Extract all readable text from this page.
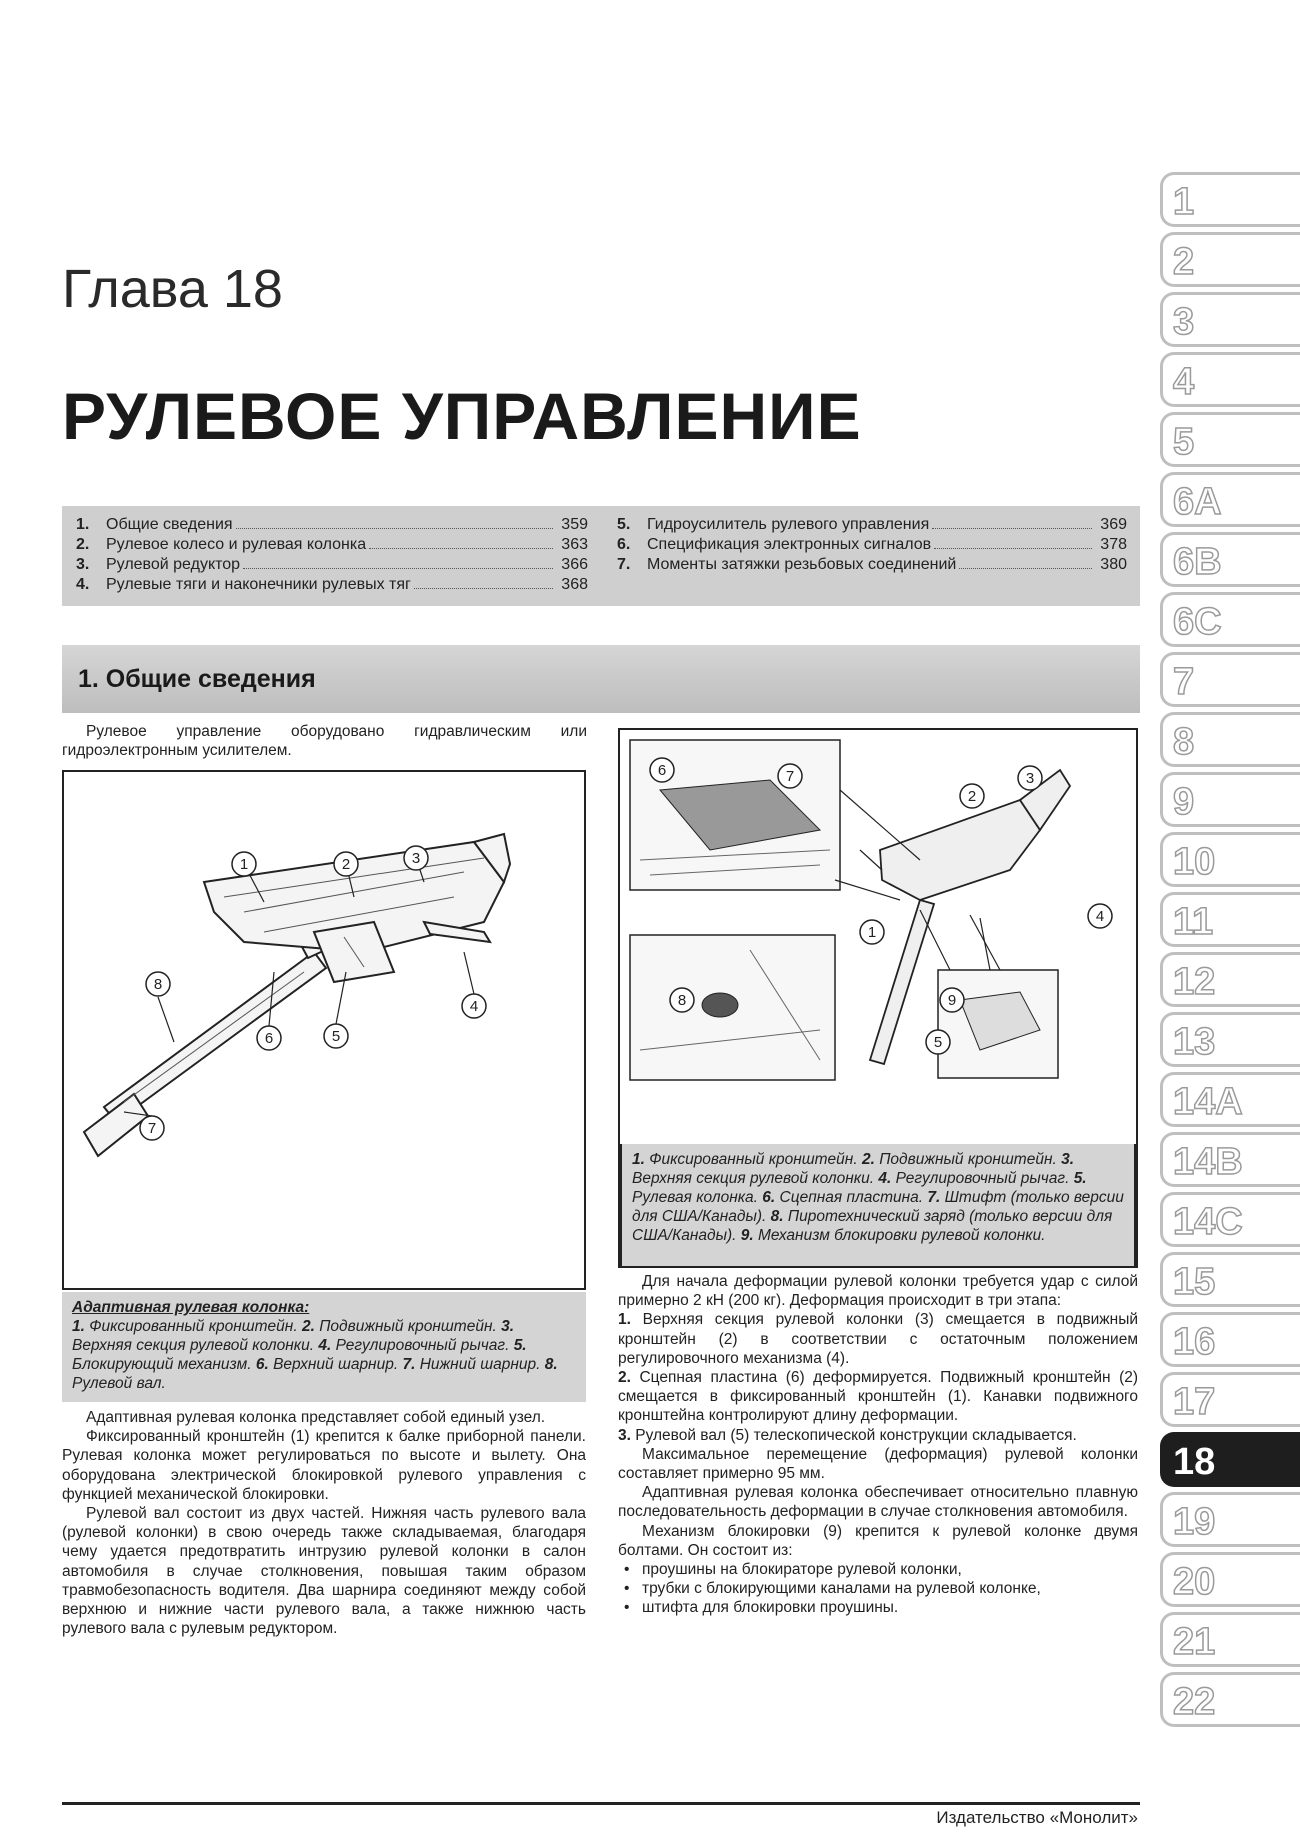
Глава 18
РУЛЕВОЕ УПРАВЛЕНИЕ
1.	Общие сведения	359
2.	Рулевое колесо и рулевая колонка	363
3.	Рулевой редуктор	366
4.	Рулевые тяги и наконечники рулевых тяг	368
5.	Гидроусилитель рулевого управления	369
6.	Спецификация электронных сигналов	378
7.	Моменты затяжки резьбовых соединений	380
1. Общие сведения
Рулевое управление оборудовано гидравлическим или гидроэлектронным усилителем.
1	2	3
4
5
6
7
8
Адаптивная рулевая колонка:
1. Фиксированный кронштейн. 2. Подвижный кронштейн. 3. Верхняя секция рулевой колонки. 4. Регулировочный рычаг. 5. Блокирующий механизм. 6. Верхний шарнир. 7. Нижний шарнир. 8. Рулевой вал.
1
2
3
4
5
6	7
8	9
1. Фиксированный кронштейн. 2. Подвижный кронштейн. 3. Верхняя секция рулевой колонки. 4. Регулировочный рычаг. 5. Рулевая колонка. 6. Сцепная пластина. 7. Штифт (только версии для США/Канады). 8. Пиротехнический заряд (только версии для США/Канады). 9. Механизм блокировки рулевой колонки.

Адаптивная рулевая колонка представляет собой единый узел.

Фиксированный кронштейн (1) крепится к балке приборной панели. Рулевая колонка может регулироваться по высоте и вылету. Она оборудована электрической блокировкой рулевого управления с функцией механической блокировки.

Рулевой вал состоит из двух частей. Нижняя часть рулевого вала (рулевой колонки) в свою очередь также складываемая, благодаря чему удается предотвратить интрузию рулевой колонки в салон автомобиля в случае столкновения, повышая таким образом травмобезопасность водителя. Два шарнира соединяют между собой верхнюю и нижние части рулевого вала, а также нижнюю часть рулевого вала с рулевым редуктором.

Для начала деформации рулевой колонки требуется удар с силой примерно 2 кН (200 кг). Деформация происходит в три этапа:

1. Верхняя секция рулевой колонки (3) смещается в подвижный кронштейн (2) в соответствии с остаточным положением регулировочного механизма (4).

2. Сцепная пластина (6) деформируется. Подвижный кронштейн (2) смещается в фиксированный кронштейн (1). Канавки подвижного кронштейна контролируют длину деформации.

3. Рулевой вал (5) телескопической конструкции складывается.

Максимальное перемещение (деформация) рулевой колонки составляет примерно 95 мм.

Адаптивная рулевая колонка обеспечивает относительно плавную последовательность деформации в случае столкновения автомобиля.

Механизм блокировки (9) крепится к рулевой колонке двумя болтами. Он состоит из:

• проушины на блокираторе рулевой колонки,
• трубки с блокирующими каналами на рулевой колонке,
• штифта для блокировки проушины.
Издательство «Монолит»
1
2
3
4
5
6A
6B
6C
7
8
9
10
11
12
13
14A
14B
14C
15
16
17
18
19
20
21
22
